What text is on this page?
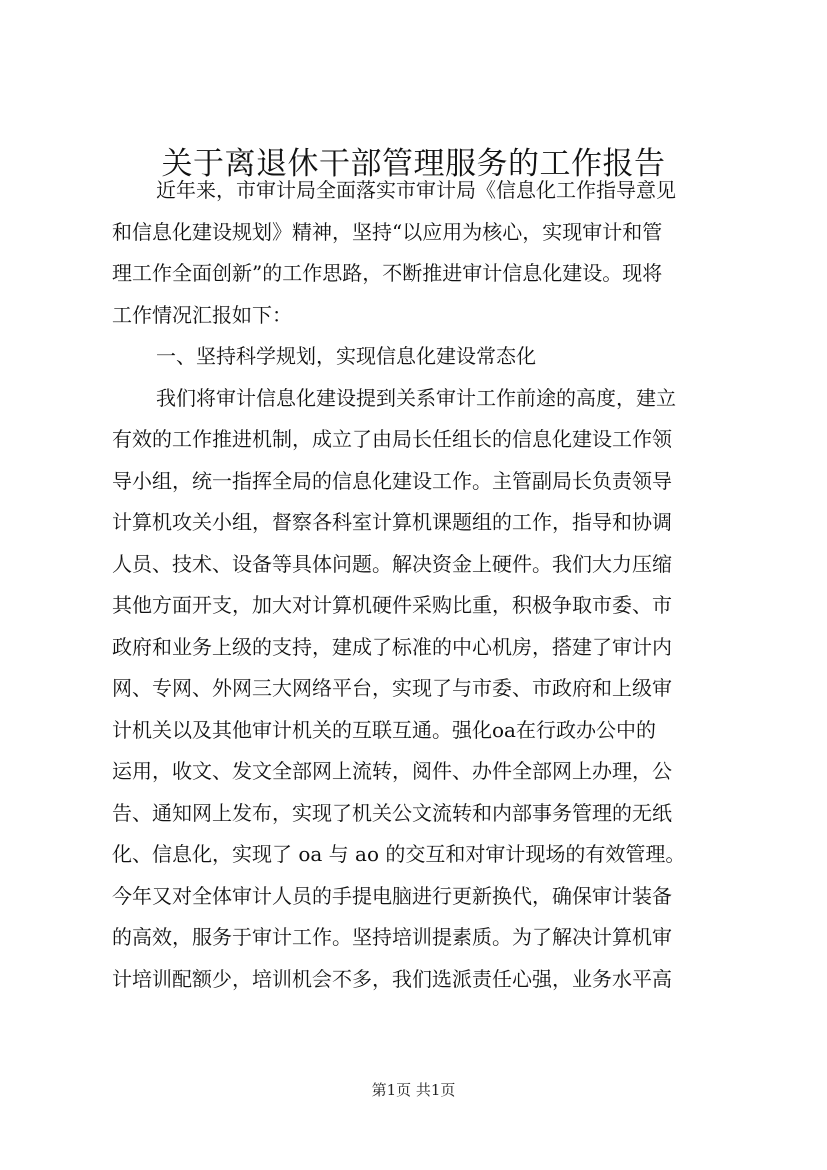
关于离退休干部管理服务的工作报告
近年来，市审计局全面落实市审计局《信息化工作指导意见
和信息化建设规划》精神，坚持“以应用为核心，实现审计和管
理工作全面创新”的工作思路，不断推进审计信息化建设。现将
工作情况汇报如下：
一、坚持科学规划，实现信息化建设常态化
我们将审计信息化建设提到关系审计工作前途的高度，建立
有效的工作推进机制，成立了由局长任组长的信息化建设工作领
导小组，统一指挥全局的信息化建设工作。主管副局长负责领导
计算机攻关小组，督察各科室计算机课题组的工作，指导和协调
人员、技术、设备等具体问题。解决资金上硬件。我们大力压缩
其他方面开支，加大对计算机硬件采购比重，积极争取市委、市
政府和业务上级的支持，建成了标准的中心机房，搭建了审计内
网、专网、外网三大网络平台，实现了与市委、市政府和上级审
计机关以及其他审计机关的互联互通。强化oa在行政办公中的
运用，收文、发文全部网上流转，阅件、办件全部网上办理，公
告、通知网上发布，实现了机关公文流转和内部事务管理的无纸
化、信息化，实现了 oa 与 ao 的交互和对审计现场的有效管理。
今年又对全体审计人员的手提电脑进行更新换代，确保审计装备
的高效，服务于审计工作。坚持培训提素质。为了解决计算机审
计培训配额少，培训机会不多，我们选派责任心强，业务水平高
第1页 共1页
